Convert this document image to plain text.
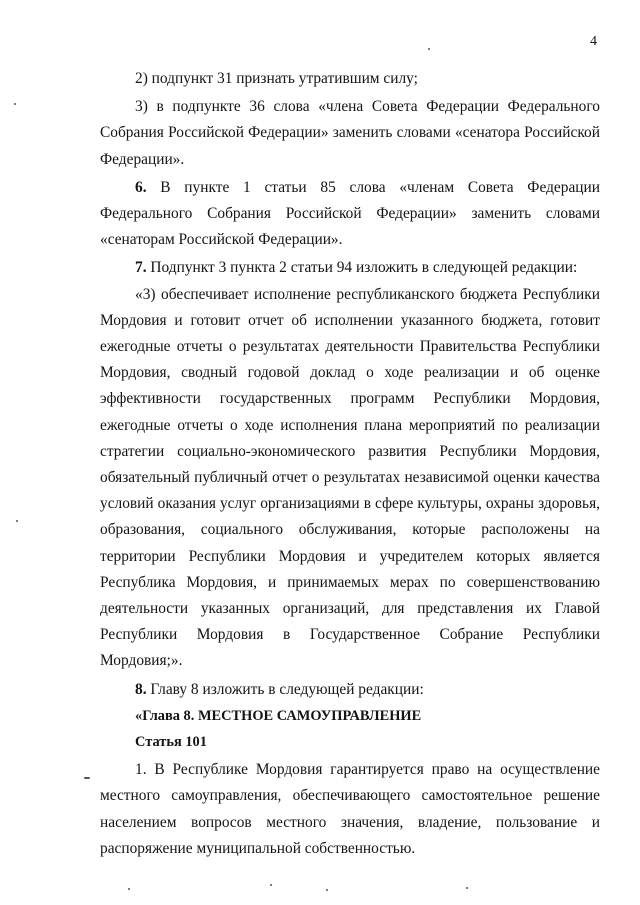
4

2) подпункт 31 признать утратившим силу;

3) в подпункте 36 слова «члена Совета Федерации Федерального Собрания Российской Федерации» заменить словами «сенатора Российской Федерации».

6. В пункте 1 статьи 85 слова «членам Совета Федерации Федерального Собрания Российской Федерации» заменить словами «сенаторам Российской Федерации».

7. Подпункт 3 пункта 2 статьи 94 изложить в следующей редакции:

«3) обеспечивает исполнение республиканского бюджета Республики Мордовия и готовит отчет об исполнении указанного бюджета, готовит ежегодные отчеты о результатах деятельности Правительства Республики Мордовия, сводный годовой доклад о ходе реализации и об оценке эффективности государственных программ Республики Мордовия, ежегодные отчеты о ходе исполнения плана мероприятий по реализации стратегии социально-экономического развития Республики Мордовия, обязательный публичный отчет о результатах независимой оценки качества условий оказания услуг организациями в сфере культуры, охраны здоровья, образования, социального обслуживания, которые расположены на территории Республики Мордовия и учредителем которых является Республика Мордовия, и принимаемых мерах по совершенствованию деятельности указанных организаций, для представления их Главой Республики Мордовия в Государственное Собрание Республики Мордовия;».

8. Главу 8 изложить в следующей редакции:

«Глава 8. МЕСТНОЕ САМОУПРАВЛЕНИЕ

Статья 101

1. В Республике Мордовия гарантируется право на осуществление местного самоуправления, обеспечивающего самостоятельное решение населением вопросов местного значения, владение, пользование и распоряжение муниципальной собственностью.
